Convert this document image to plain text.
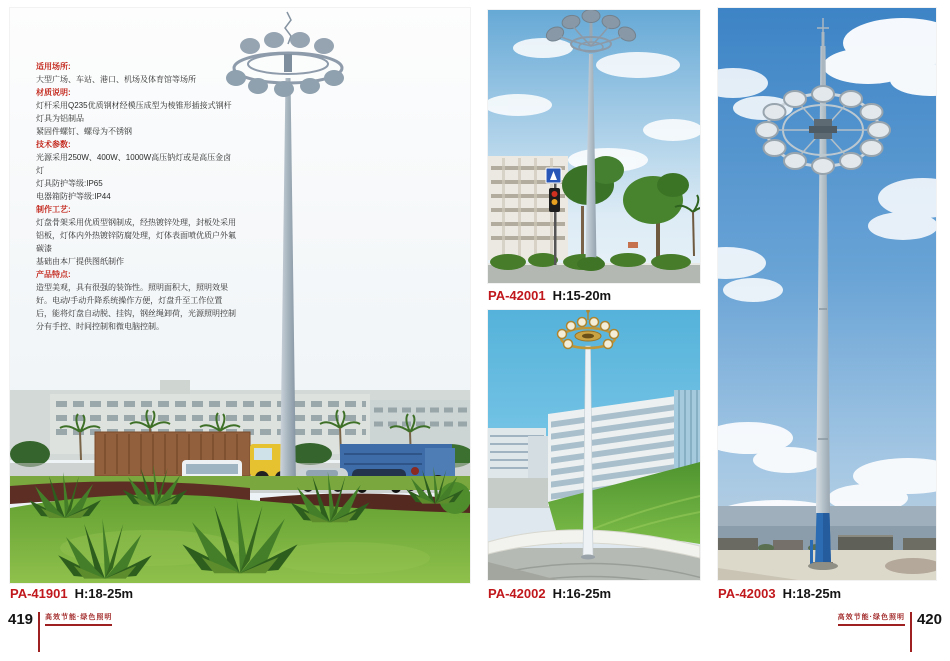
适用场所:

大型广场、车站、港口、机场及体育馆等场所

材质说明:

灯杆采用Q235优质钢材经模压成型为棱锥形插接式钢杆

灯具为铝制品

紧固件螺钉、螺母为不锈钢

技术参数:

光源采用250W、400W、1000W高压钠灯或是高压金卤灯

灯具防护等级:IP65

电器箱防护等级:IP44

制作工艺:

灯盘骨架采用优质型钢制成，经热镀锌处理，封板处采用铝板，灯体内外热镀锌防腐处理，灯体表面喷优质户外氟碳漆

基础由本厂提供图纸制作

产品特点:

造型美观，具有很强的装饰性。照明面积大，照明效果好。电动/手动升降系统操作方便，灯盘升至工作位置后，能将灯盘自动脱、挂钩，钢丝绳卸荷，光源照明控制分有手控、时间控制和微电脑控制。

PA-41901 H:18-25m
PA-42001 H:15-20m
PA-42002 H:16-25m	PA-42003 H:18-25m
419 高效节能·绿色照明	高效节能·绿色照明 420
